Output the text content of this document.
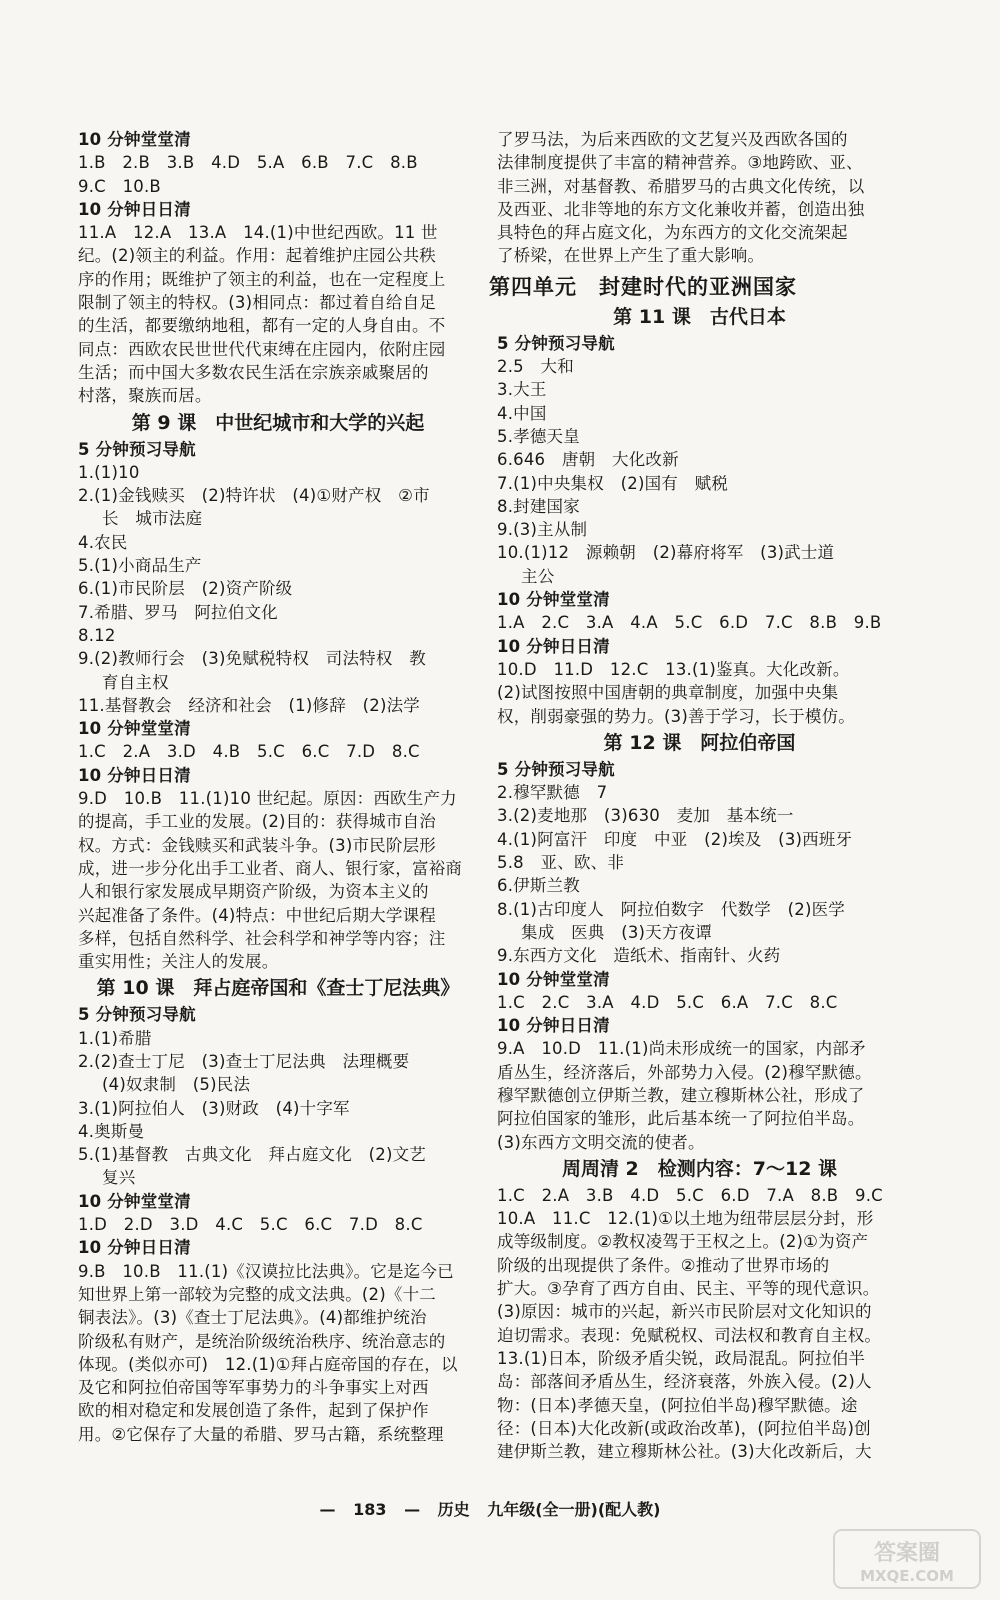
10 分钟堂堂清
1.B　2.B　3.B　4.D　5.A　6.B　7.C　8.B
9.C　10.B
10 分钟日日清
11.A　12.A　13.A　14.(1)中世纪西欧。11 世
纪。(2)领主的利益。作用：起着维护庄园公共秩
序的作用；既维护了领主的利益，也在一定程度上
限制了领主的特权。(3)相同点：都过着自给自足
的生活，都要缴纳地租，都有一定的人身自由。不
同点：西欧农民世世代代束缚在庄园内，依附庄园
生活；而中国大多数农民生活在宗族亲戚聚居的
村落，聚族而居。
第 9 课　中世纪城市和大学的兴起
5 分钟预习导航
1.(1)10
2.(1)金钱赎买　(2)特许状　(4)①财产权　②市
长　城市法庭
4.农民
5.(1)小商品生产
6.(1)市民阶层　(2)资产阶级
7.希腊、罗马　阿拉伯文化
8.12
9.(2)教师行会　(3)免赋税特权　司法特权　教
育自主权
11.基督教会　经济和社会　(1)修辞　(2)法学
10 分钟堂堂清
1.C　2.A　3.D　4.B　5.C　6.C　7.D　8.C
10 分钟日日清
9.D　10.B　11.(1)10 世纪起。原因：西欧生产力
的提高，手工业的发展。(2)目的：获得城市自治
权。方式：金钱赎买和武装斗争。(3)市民阶层形
成，进一步分化出手工业者、商人、银行家，富裕商
人和银行家发展成早期资产阶级，为资本主义的
兴起准备了条件。(4)特点：中世纪后期大学课程
多样，包括自然科学、社会科学和神学等内容；注
重实用性；关注人的发展。
第 10 课　拜占庭帝国和《查士丁尼法典》
5 分钟预习导航
1.(1)希腊
2.(2)查士丁尼　(3)查士丁尼法典　法理概要
(4)奴隶制　(5)民法
3.(1)阿拉伯人　(3)财政　(4)十字军
4.奥斯曼
5.(1)基督教　古典文化　拜占庭文化　(2)文艺
复兴
10 分钟堂堂清
1.D　2.D　3.D　4.C　5.C　6.C　7.D　8.C
10 分钟日日清
9.B　10.B　11.(1)《汉谟拉比法典》。它是迄今已
知世界上第一部较为完整的成文法典。(2)《十二
铜表法》。(3)《查士丁尼法典》。(4)都维护统治
阶级私有财产，是统治阶级统治秩序、统治意志的
体现。(类似亦可)　12.(1)①拜占庭帝国的存在，以
及它和阿拉伯帝国等军事势力的斗争事实上对西
欧的相对稳定和发展创造了条件，起到了保护作
用。②它保存了大量的希腊、罗马古籍，系统整理
了罗马法，为后来西欧的文艺复兴及西欧各国的
法律制度提供了丰富的精神营养。③地跨欧、亚、
非三洲，对基督教、希腊罗马的古典文化传统，以
及西亚、北非等地的东方文化兼收并蓄，创造出独
具特色的拜占庭文化，为东西方的文化交流架起
了桥梁，在世界上产生了重大影响。
第四单元　封建时代的亚洲国家
第 11 课　古代日本
5 分钟预习导航
2.5　大和
3.大王
4.中国
5.孝德天皇
6.646　唐朝　大化改新
7.(1)中央集权　(2)国有　赋税
8.封建国家
9.(3)主从制
10.(1)12　源赖朝　(2)幕府将军　(3)武士道
主公
10 分钟堂堂清
1.A　2.C　3.A　4.A　5.C　6.D　7.C　8.B　9.B
10 分钟日日清
10.D　11.D　12.C　13.(1)鉴真。大化改新。
(2)试图按照中国唐朝的典章制度，加强中央集
权，削弱豪强的势力。(3)善于学习，长于模仿。
第 12 课　阿拉伯帝国
5 分钟预习导航
2.穆罕默德　7
3.(2)麦地那　(3)630　麦加　基本统一
4.(1)阿富汗　印度　中亚　(2)埃及　(3)西班牙
5.8　亚、欧、非
6.伊斯兰教
8.(1)古印度人　阿拉伯数字　代数学　(2)医学
集成　医典　(3)天方夜谭
9.东西方文化　造纸术、指南针、火药
10 分钟堂堂清
1.C　2.C　3.A　4.D　5.C　6.A　7.C　8.C
10 分钟日日清
9.A　10.D　11.(1)尚未形成统一的国家，内部矛
盾丛生，经济落后，外部势力入侵。(2)穆罕默德。
穆罕默德创立伊斯兰教，建立穆斯林公社，形成了
阿拉伯国家的雏形，此后基本统一了阿拉伯半岛。
(3)东西方文明交流的使者。
周周清 2　检测内容：7～12 课
1.C　2.A　3.B　4.D　5.C　6.D　7.A　8.B　9.C
10.A　11.C　12.(1)①以土地为纽带层层分封，形
成等级制度。②教权凌驾于王权之上。(2)①为资产
阶级的出现提供了条件。②推动了世界市场的
扩大。③孕育了西方自由、民主、平等的现代意识。
(3)原因：城市的兴起，新兴市民阶层对文化知识的
迫切需求。表现：免赋税权、司法权和教育自主权。
13.(1)日本，阶级矛盾尖锐，政局混乱。阿拉伯半
岛：部落间矛盾丛生，经济衰落，外族入侵。(2)人
物：(日本)孝德天皇，(阿拉伯半岛)穆罕默德。途
径：(日本)大化改新(或政治改革)，(阿拉伯半岛)创
建伊斯兰教，建立穆斯林公社。(3)大化改新后，大
— 183 — 历史 九年级(全一册)(配人教)
答案圈
MXQE.COM
